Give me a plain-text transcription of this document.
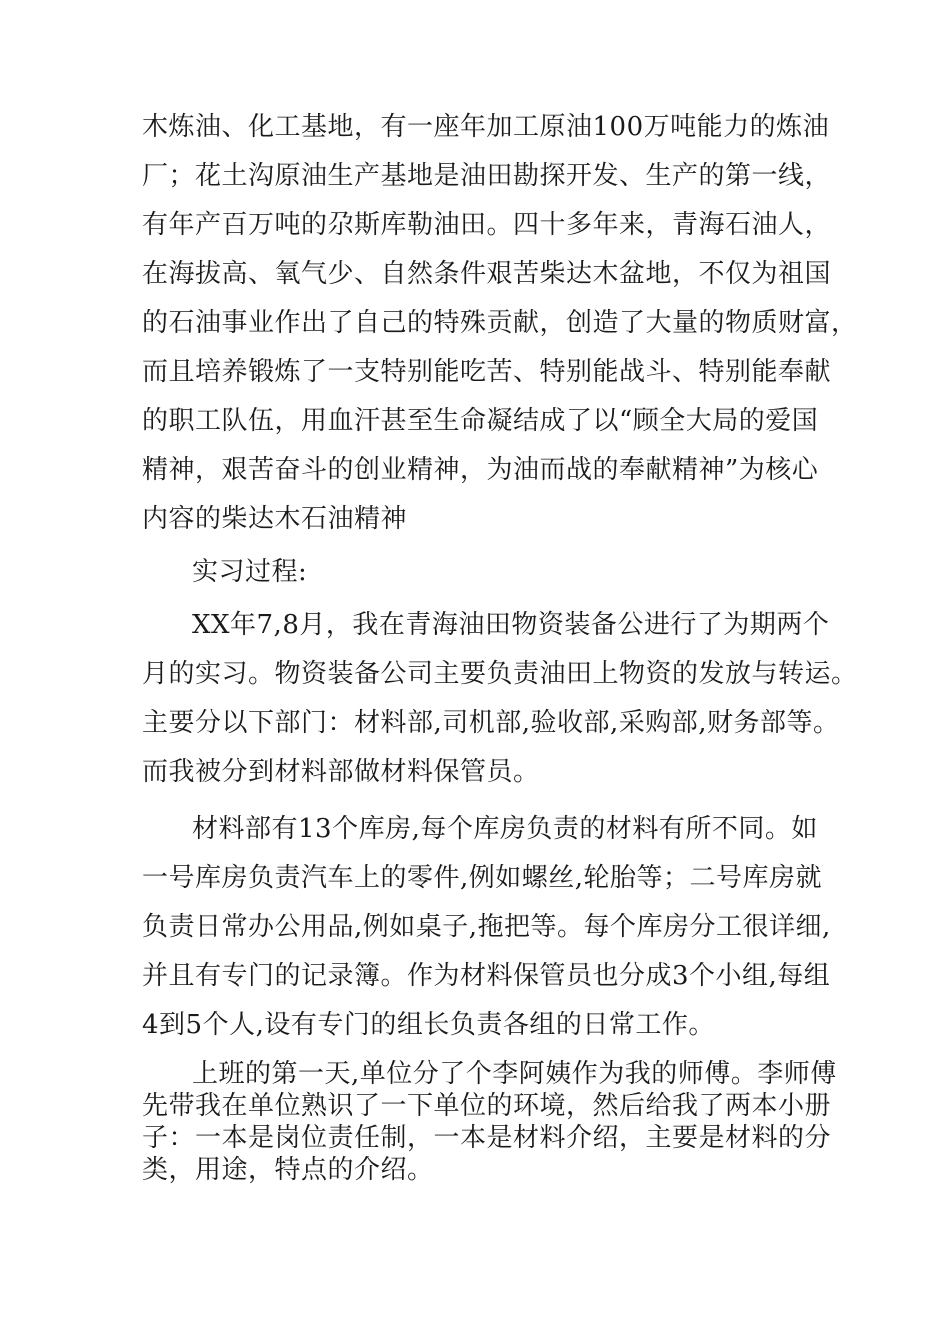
木炼油、化工基地，有一座年加工原油100万吨能力的炼油
厂；花土沟原油生产基地是油田勘探开发、生产的第一线，
有年产百万吨的尕斯库勒油田。四十多年来，青海石油人，
在海拔高、氧气少、自然条件艰苦柴达木盆地，不仅为祖国
的石油事业作出了自己的特殊贡献，创造了大量的物质财富，
而且培养锻炼了一支特别能吃苦、特别能战斗、特别能奉献
的职工队伍，用血汗甚至生命凝结成了以“顾全大局的爱国
精神，艰苦奋斗的创业精神，为油而战的奉献精神”为核心
内容的柴达木石油精神
实习过程:
XX年7,8月，我在青海油田物资装备公进行了为期两个
月的实习。物资装备公司主要负责油田上物资的发放与转运。
主要分以下部门：材料部,司机部,验收部,采购部,财务部等。
而我被分到材料部做材料保管员。
材料部有13个库房,每个库房负责的材料有所不同。如
一号库房负责汽车上的零件,例如螺丝,轮胎等；二号库房就
负责日常办公用品,例如桌子,拖把等。每个库房分工很详细,
并且有专门的记录簿。作为材料保管员也分成3个小组,每组
4到5个人,设有专门的组长负责各组的日常工作。
上班的第一天,单位分了个李阿姨作为我的师傅。李师傅
先带我在单位熟识了一下单位的环境，然后给我了两本小册
子：一本是岗位责任制，一本是材料介绍，主要是材料的分
类，用途，特点的介绍。
